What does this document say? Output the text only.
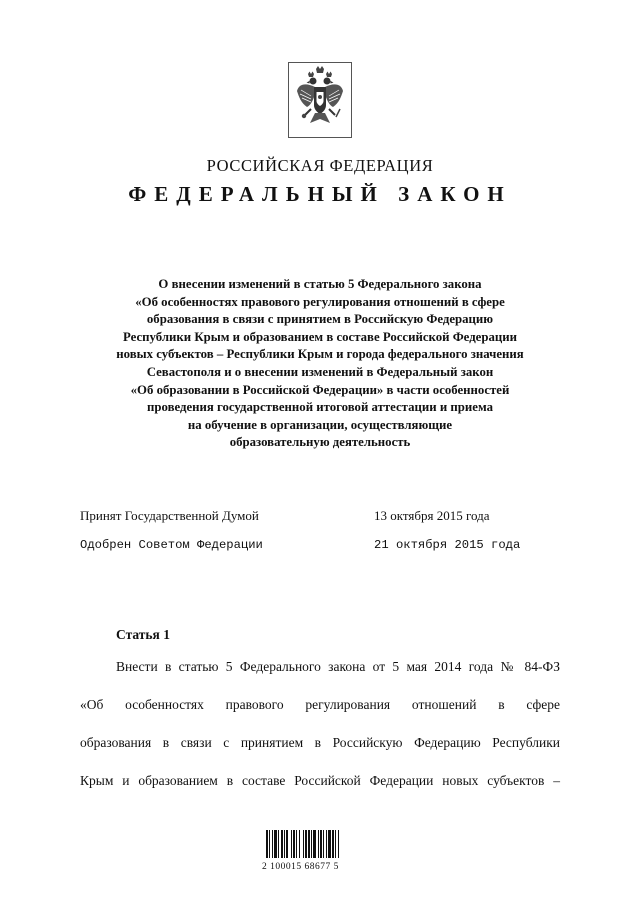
РОССИЙСКАЯ ФЕДЕРАЦИЯ
ФЕДЕРАЛЬНЫЙ ЗАКОН
О внесении изменений в статью 5 Федерального закона
«Об особенностях правового регулирования отношений в сфере
образования в связи с принятием в Российскую Федерацию
Республики Крым и образованием в составе Российской Федерации
новых субъектов – Республики Крым и города федерального значения
Севастополя и о внесении изменений в Федеральный закон
«Об образовании в Российской Федерации» в части особенностей
проведения государственной итоговой аттестации и приема
на обучение в организации, осуществляющие
образовательную деятельность
Принят Государственной Думой	13 октября 2015 года
Одобрен Советом Федерации	21 октября 2015 года
Статья 1
Внести в статью 5 Федерального закона от 5 мая 2014 года № 84-ФЗ
«Об особенностях правового регулирования отношений в сфере
образования в связи с принятием в Российскую Федерацию Республики
Крым и образованием в составе Российской Федерации новых субъектов –
2 100015 68677 5
